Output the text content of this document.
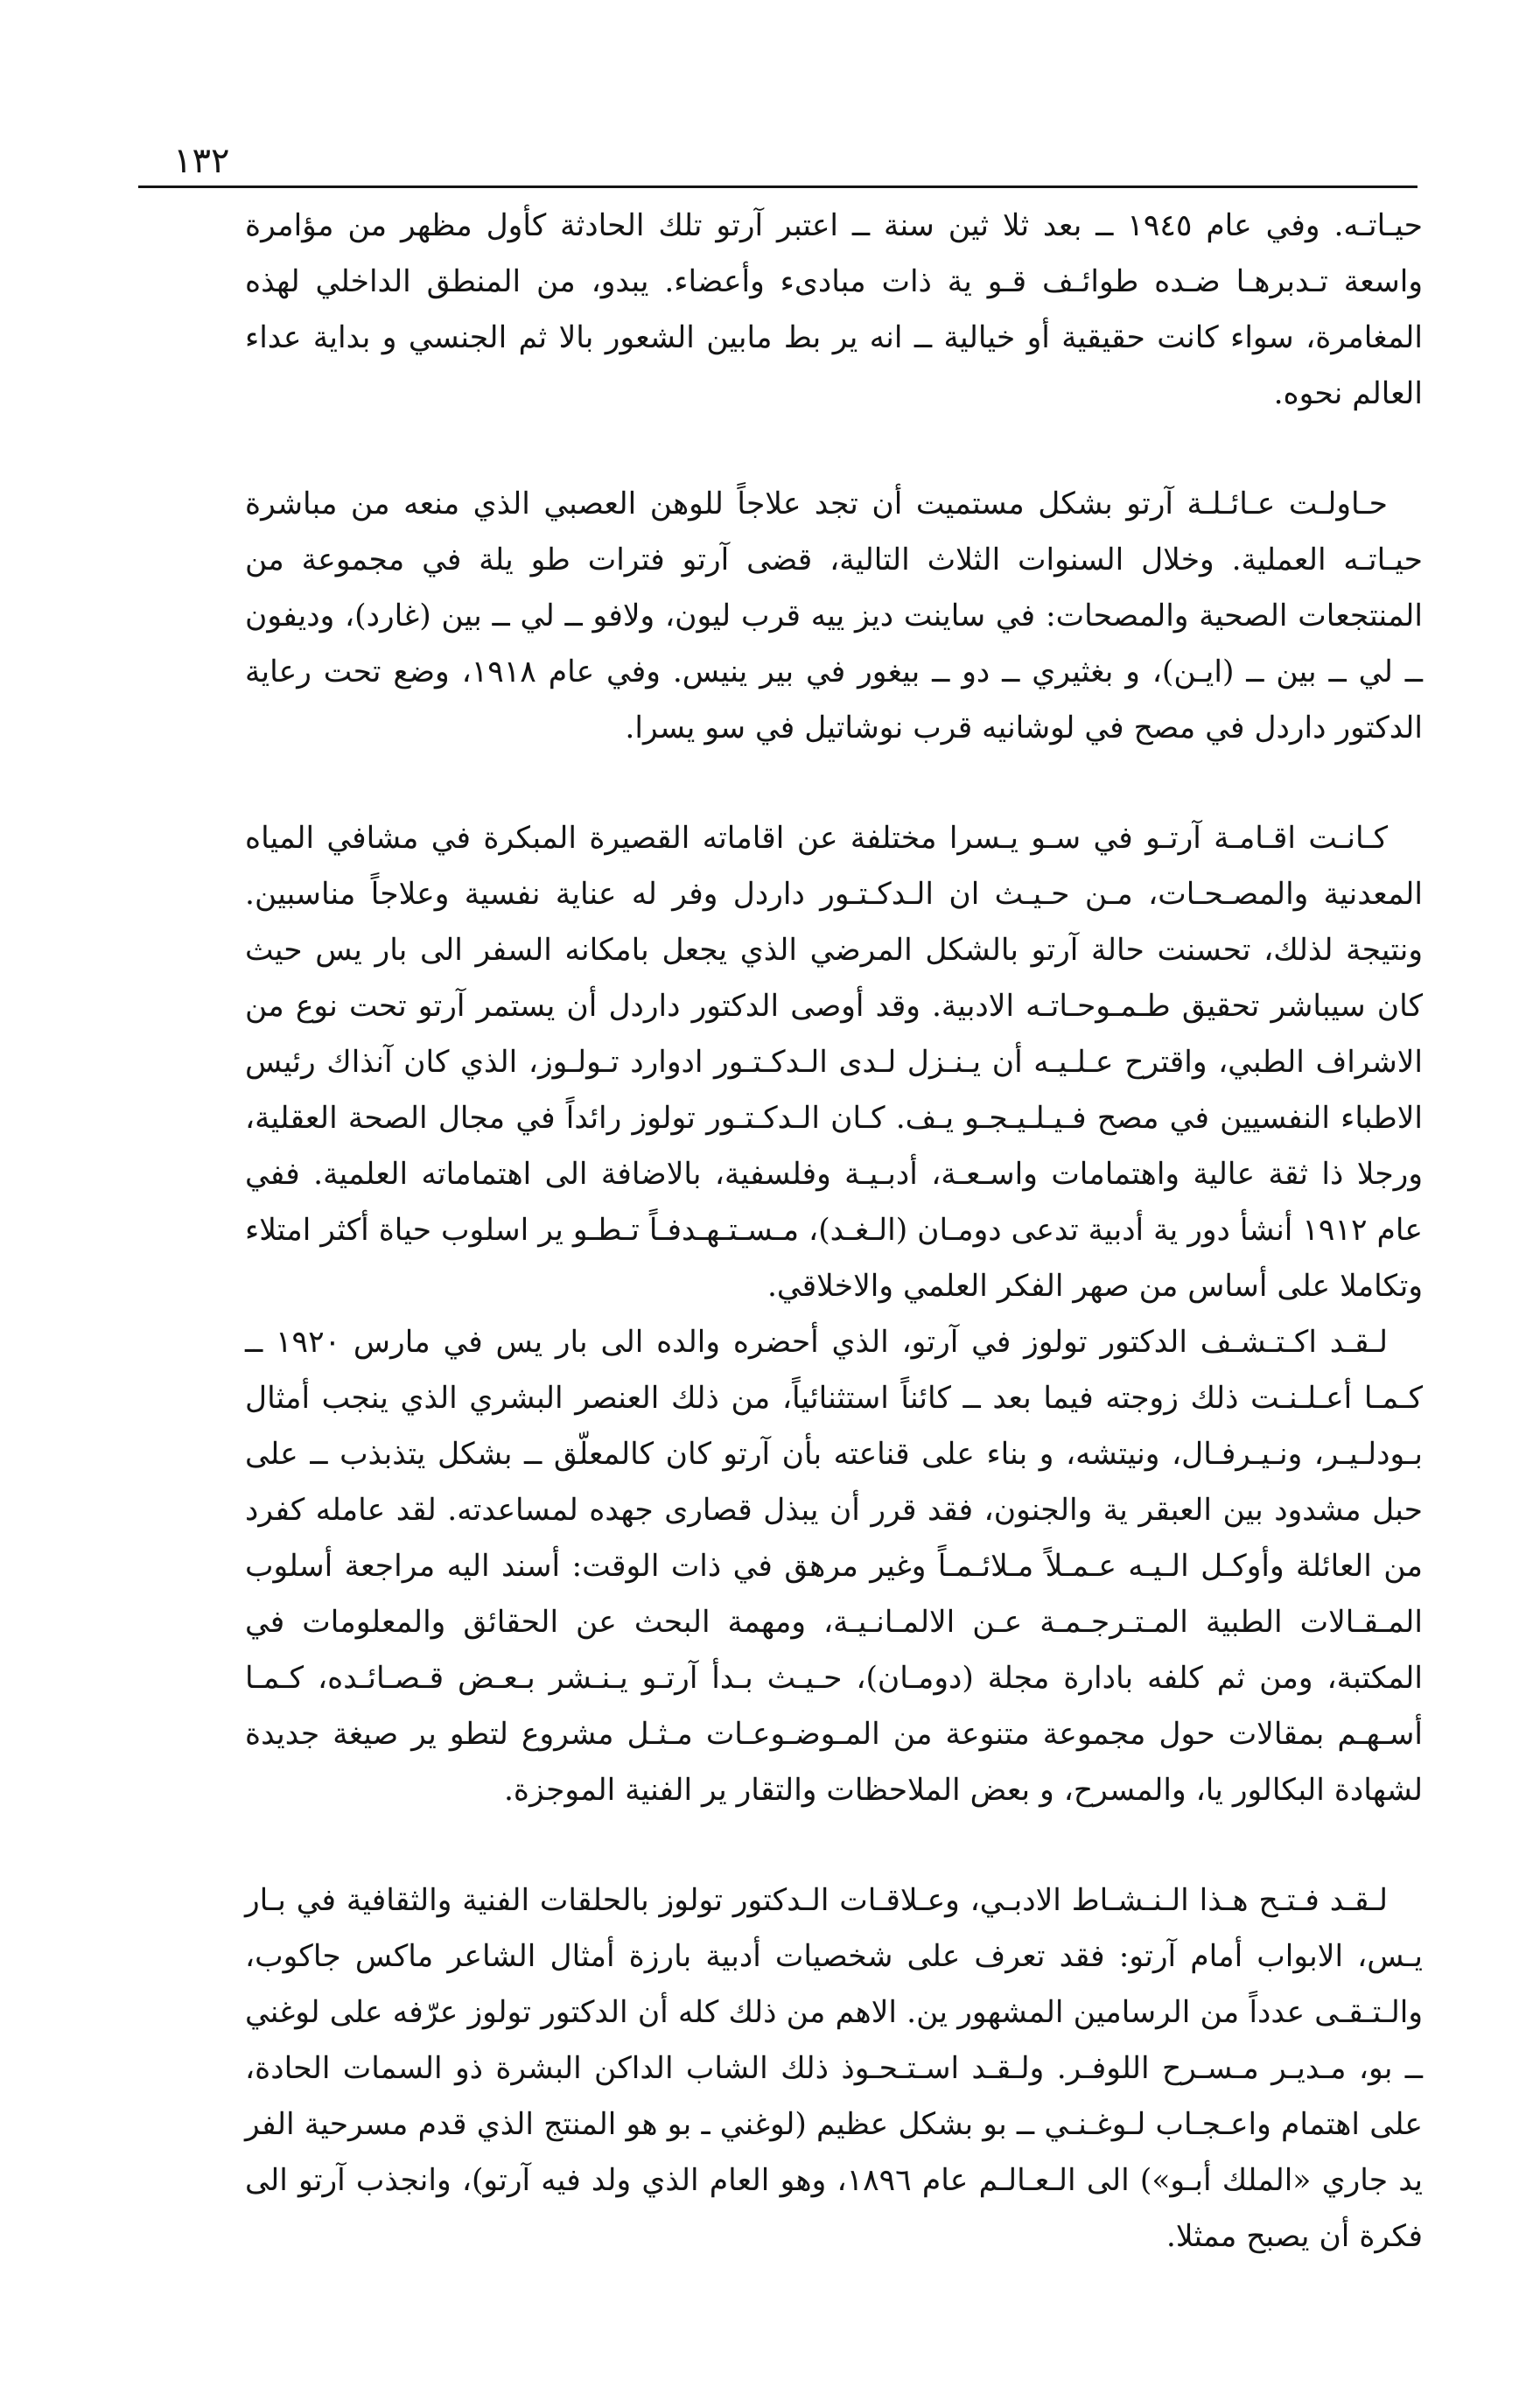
١٣٢

حيـاتـه. وفي عام ١٩٤٥ ــ بعد ثلا ثين سنة ــ اعتبر آرتو تلك الحادثة كأول مظهر من مؤامرة واسعة تـدبرهـا ضـده طوائـف قـو ية ذات مبادىء وأعضاء. يبدو، من المنطق الداخلي لهذه المغامرة، سواء كانت حقيقية أو خيالية ــ انه ير بط مابين الشعور بالا ثم الجنسي و بداية عداء العالم نحوه.

حـاولـت عـائـلـة آرتو بشكل مستميت أن تجد علاجاً للوهن العصبي الذي منعه من مباشرة حيـاتـه العملية. وخلال السنوات الثلاث التالية، قضى آرتو فترات طو يلة في مجموعة من المنتجعات الصحية والمصحات: في ساينت ديز ييه قرب ليون، ولافو ــ لي ــ بين (غارد)، وديفون ــ لي ــ بين ــ (ايـن)، و بغثيري ــ دو ــ بيغور في بير ينيس. وفي عام ١٩١٨، وضع تحت رعاية الدكتور داردل في مصح في لوشانيه قرب نوشاتيل في سو يسرا.

كـانـت اقـامـة آرتـو في سـو يـسرا مختلفة عن اقاماته القصيرة المبكرة في مشافي المياه المعدنية والمصـحـات، مـن حـيـث ان الـدكـتـور داردل وفر له عناية نفسية وعلاجاً مناسبين. ونتيجة لذلك، تحسنت حالة آرتو بالشكل المرضي الذي يجعل بامكانه السفر الى بار يس حيث كان سيباشر تحقيق طـمـوحـاتـه الادبية. وقد أوصى الدكتور داردل أن يستمر آرتو تحت نوع من الاشراف الطبي، واقترح عـلـيـه أن يـنـزل لـدى الـدكـتـور ادوارد تـولـوز، الذي كان آنذاك رئيس الاطباء النفسيين في مصح فـيـلـيـجـو يـف. كـان الـدكـتـور تولوز رائداً في مجال الصحة العقلية، ورجلا ذا ثقة عالية واهتمامات واسـعـة، أدبـيـة وفلسفية، بالاضافة الى اهتماماته العلمية. ففي عام ١٩١٢ أنشأ دور ية أدبية تدعى دومـان (الـغـد)، مـسـتـهـدفـاً تـطـو ير اسلوب حياة أكثر امتلاء وتكاملا على أساس من صهر الفكر العلمي والاخلاقي.

لـقـد اكـتـشـف الدكتور تولوز في آرتو، الذي أحضره والده الى بار يس في مارس ١٩٢٠ ــ كـمـا أعـلـنـت ذلك زوجته فيما بعد ــ كائناً استثنائياً، من ذلك العنصر البشري الذي ينجب أمثال بـودلـيـر، ونـيـرفـال، ونيتشه، و بناء على قناعته بأن آرتو كان كالمعلّق ــ بشكل يتذبذب ــ على حبل مشدود بين العبقر ية والجنون، فقد قرر أن يبذل قصارى جهده لمساعدته. لقد عامله كفرد من العائلة وأوكـل الـيـه عـمـلاً مـلائـمـاً وغير مرهق في ذات الوقت: أسند اليه مراجعة أسلوب المـقـالات الطبية المـتـرجـمـة عـن الالمـانـيـة، ومهمة البحث عن الحقائق والمعلومات في المكتبة، ومن ثم كلفه بادارة مجلة (دومـان)، حـيـث بـدأ آرتـو يـنـشر بـعـض قـصـائـده، كـمـا أسـهـم بمقالات حول مجموعة متنوعة من المـوضـوعـات مـثـل مشروع لتطو ير صيغة جديدة لشهادة البكالور يا، والمسرح، و بعض الملاحظات والتقار ير الفنية الموجزة.

لـقـد فـتـح هـذا الـنـشـاط الادبـي، وعـلاقـات الـدكتور تولوز بالحلقات الفنية والثقافية في بـار يـس، الابواب أمام آرتو: فقد تعرف على شخصيات أدبية بارزة أمثال الشاعر ماكس جاكوب، والـتـقـى عدداً من الرسامين المشهور ين. الاهم من ذلك كله أن الدكتور تولوز عرّفه على لوغني ــ بو، مـديـر مـسـرح اللوفـر. ولـقـد اسـتـحـوذ ذلك الشاب الداكن البشرة ذو السمات الحادة، على اهتمام واعـجـاب لـوغـنـي ــ بو بشكل عظيم (لوغني ـ بو هو المنتج الذي قدم مسرحية الفر يد جاري «الملك أبـو») الى الـعـالـم عام ١٨٩٦، وهو العام الذي ولد فيه آرتو)، وانجذب آرتو الى فكرة أن يصبح ممثلا.
